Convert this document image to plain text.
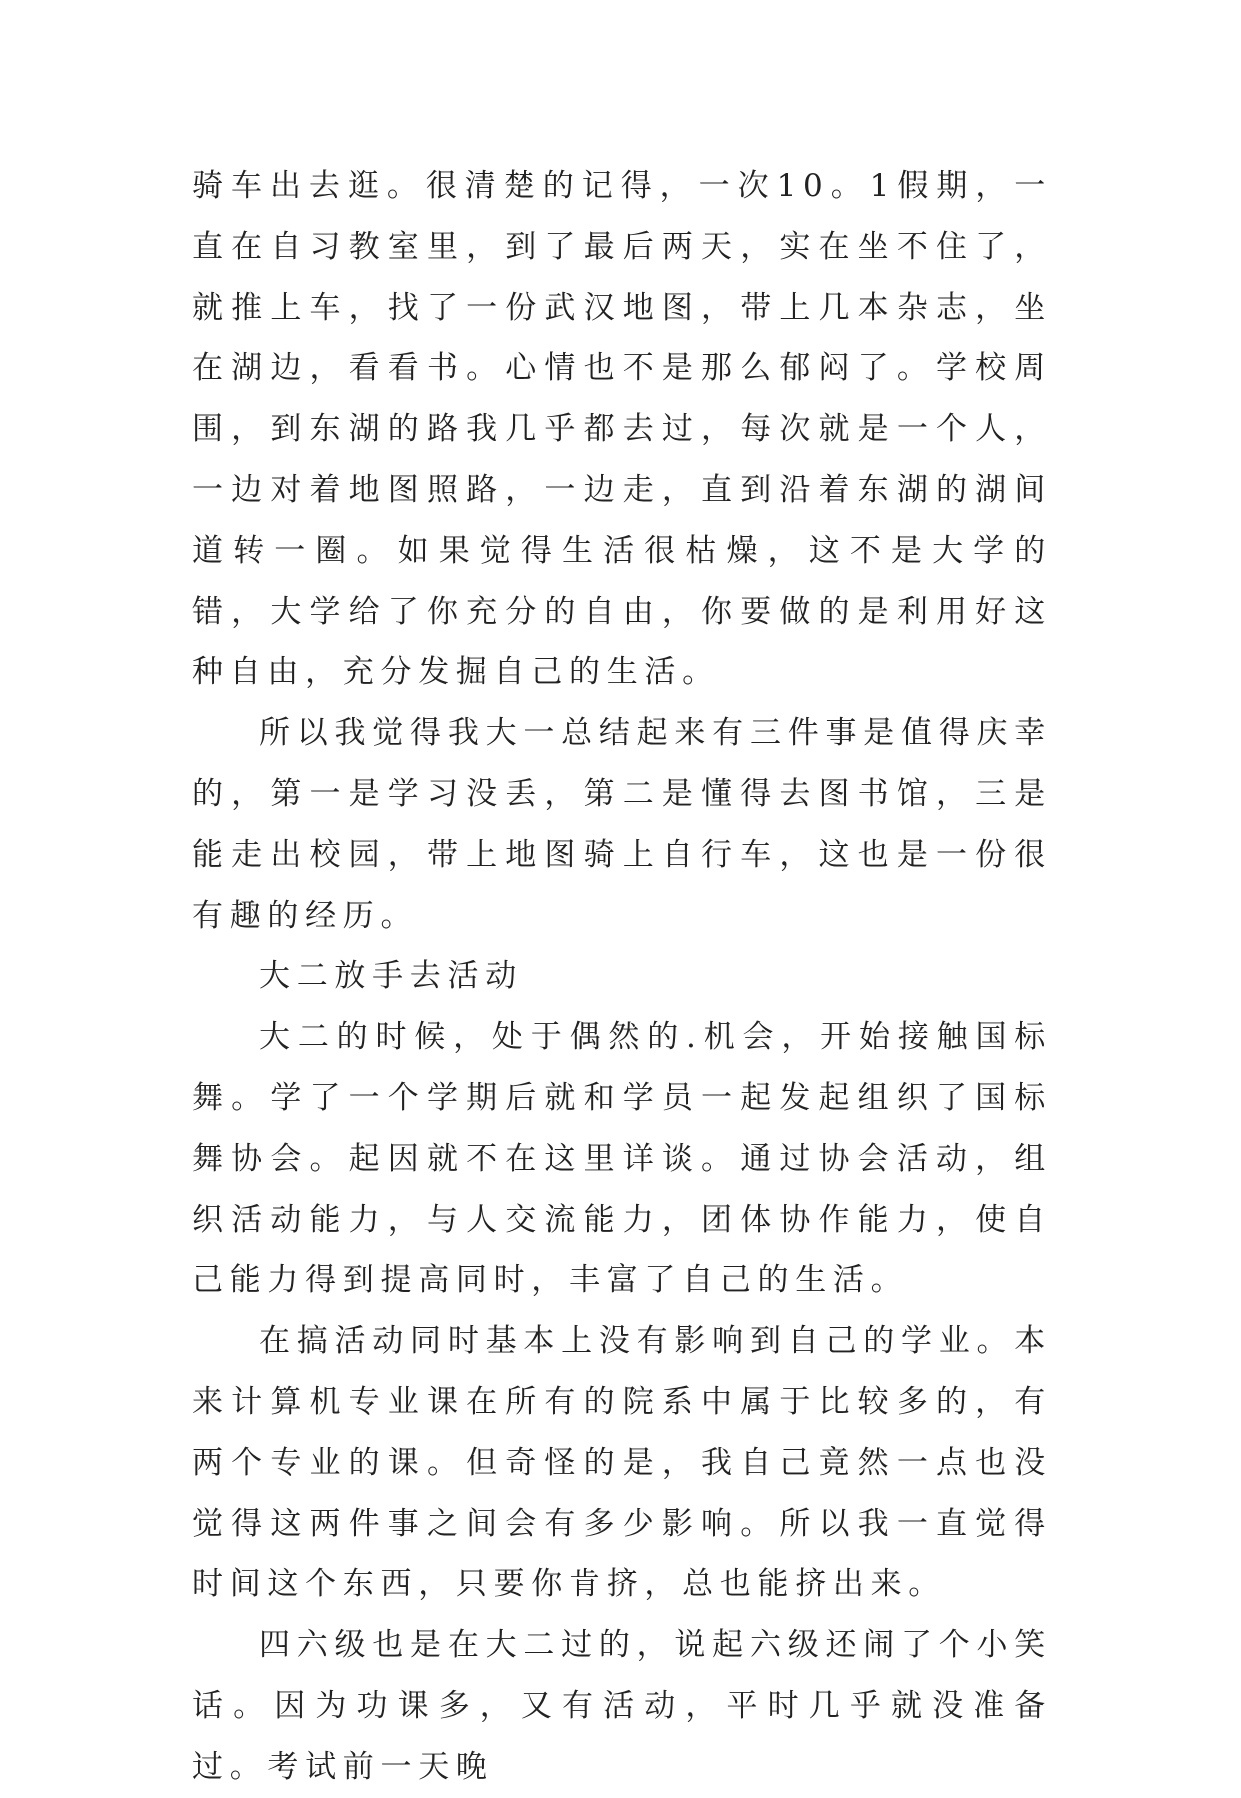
骑车出去逛。很清楚的记得，一次10。1假期，一直在自习教室里，到了最后两天，实在坐不住了，就推上车，找了一份武汉地图，带上几本杂志，坐在湖边，看看书。心情也不是那么郁闷了。学校周围，到东湖的路我几乎都去过，每次就是一个人，一边对着地图照路，一边走，直到沿着东湖的湖间道转一圈。如果觉得生活很枯燥，这不是大学的错，大学给了你充分的自由，你要做的是利用好这种自由，充分发掘自己的生活。

所以我觉得我大一总结起来有三件事是值得庆幸的，第一是学习没丢，第二是懂得去图书馆，三是能走出校园，带上地图骑上自行车，这也是一份很有趣的经历。

大二放手去活动

大二的时候，处于偶然的.机会，开始接触国标舞。学了一个学期后就和学员一起发起组织了国标舞协会。起因就不在这里详谈。通过协会活动，组织活动能力，与人交流能力，团体协作能力，使自己能力得到提高同时，丰富了自己的生活。

在搞活动同时基本上没有影响到自己的学业。本来计算机专业课在所有的院系中属于比较多的，有两个专业的课。但奇怪的是，我自己竟然一点也没觉得这两件事之间会有多少影响。所以我一直觉得时间这个东西，只要你肯挤，总也能挤出来。

四六级也是在大二过的，说起六级还闹了个小笑话。因为功课多，又有活动，平时几乎就没准备过。考试前一天晚
